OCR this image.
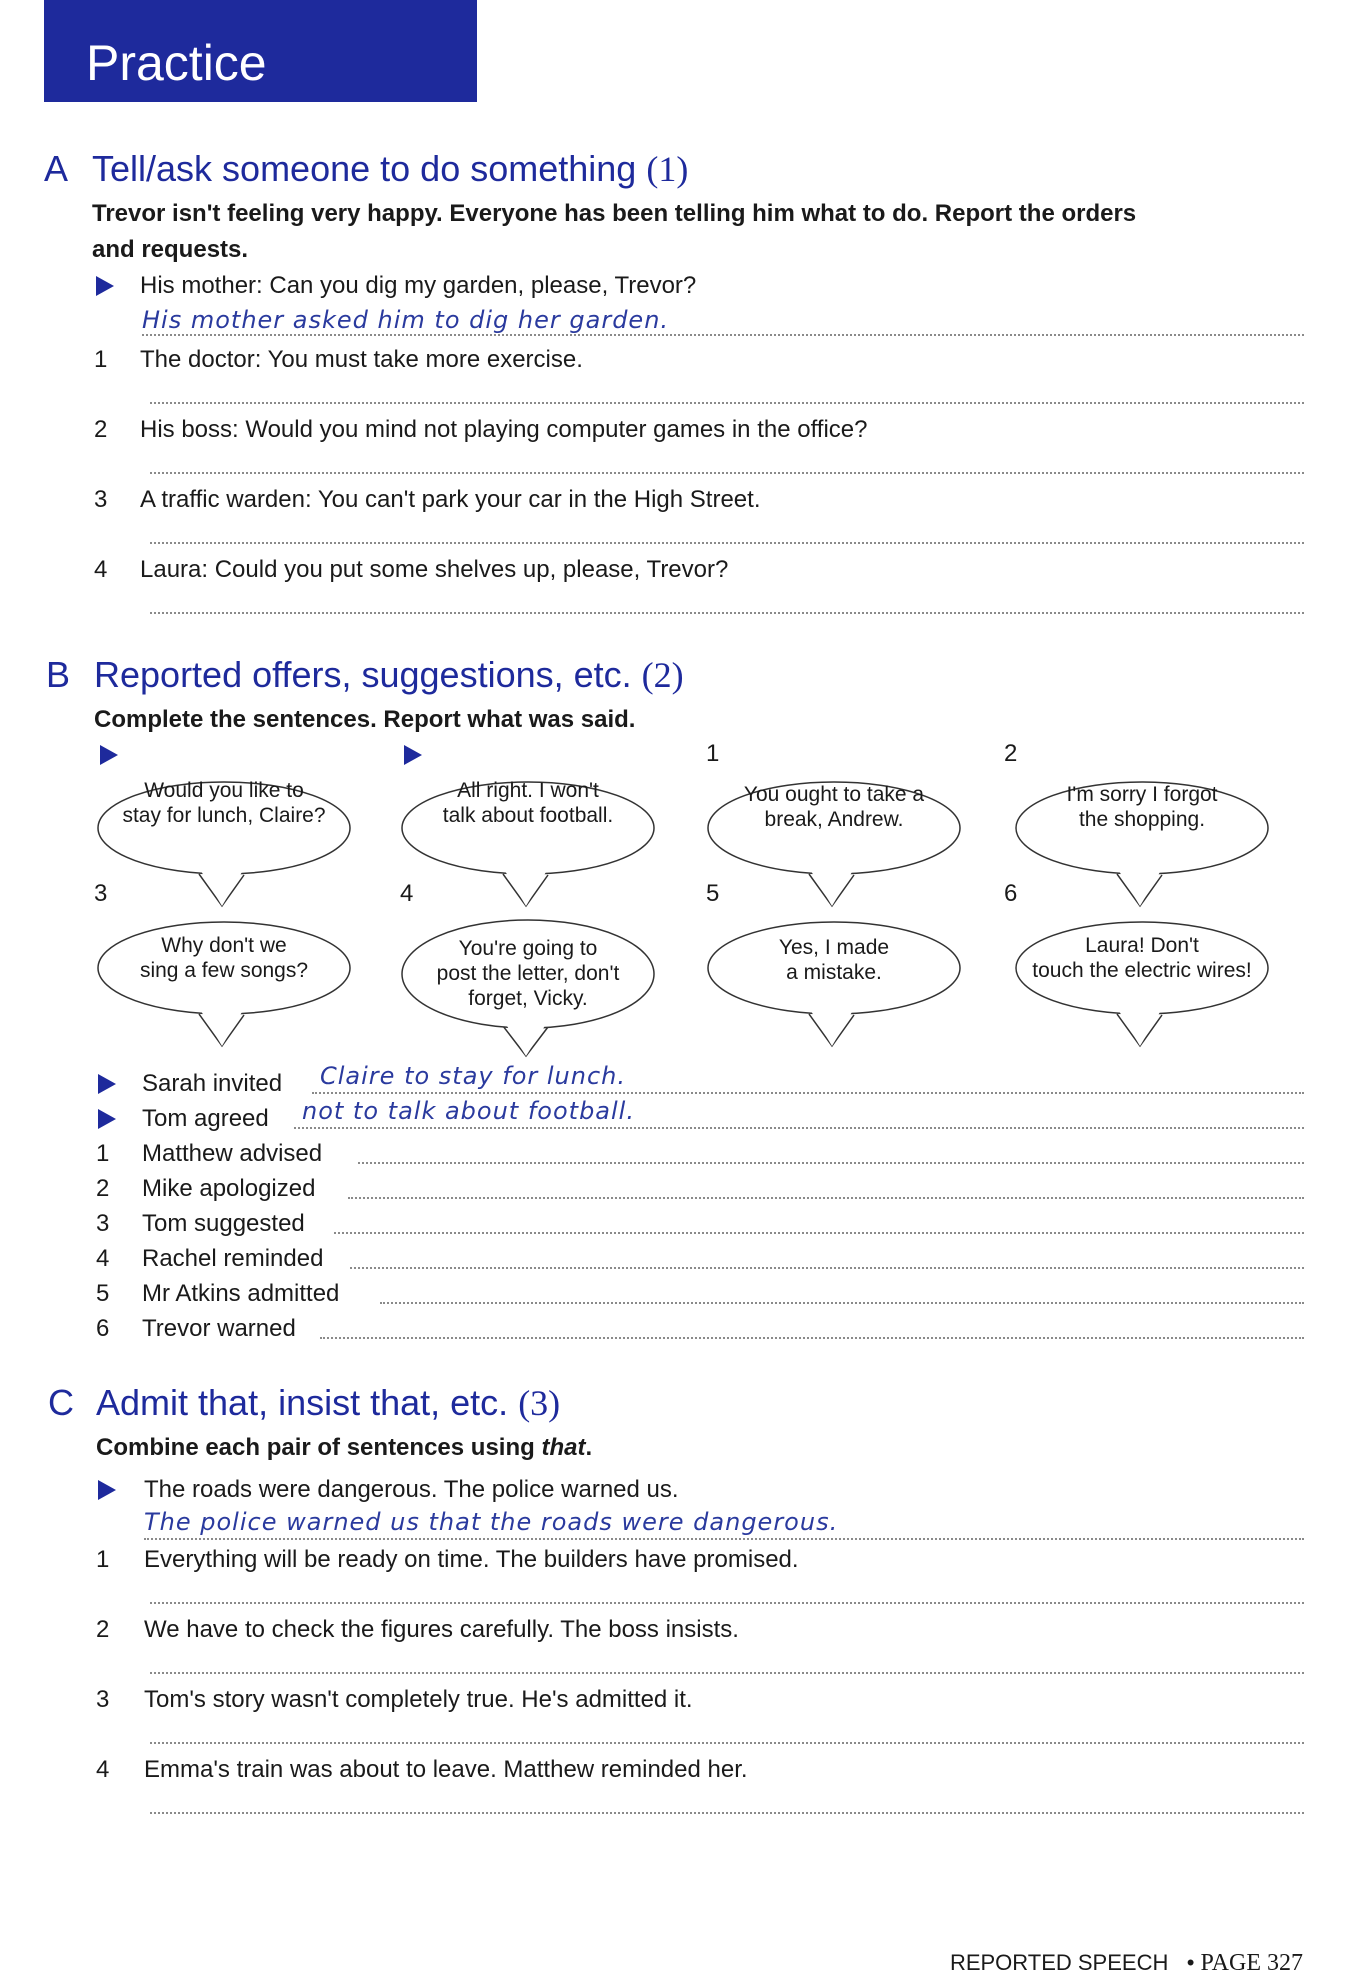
Practice
A Tell/ask someone to do something (1)
Trevor isn't feeling very happy. Everyone has been telling him what to do. Report the orders
and requests.
His mother: Can you dig my garden, please, Trevor?
His mother asked him to dig her garden.
1 The doctor: You must take more exercise.
2 His boss: Would you mind not playing computer games in the office?
3 A traffic warden: You can't park your car in the High Street.
4 Laura: Could you put some shelves up, please, Trevor?
B Reported offers, suggestions, etc. (2)
Complete the sentences. Report what was said.
1	2
Would you like to
stay for lunch, Claire?
All right. I won't
talk about football.
You ought to take a
break, Andrew.
I'm sorry I forgot
the shopping.
3	4	5	6
Why don't we
sing a few songs?
You're going to
post the letter, don't
forget, Vicky.
Yes, I made
a mistake.
Laura! Don't
touch the electric wires!
Sarah invited Claire to stay for lunch.
Tom agreed not to talk about football.
1 Matthew advised
2 Mike apologized
3 Tom suggested
4 Rachel reminded
5 Mr Atkins admitted
6 Trevor warned
C Admit that, insist that, etc. (3)
Combine each pair of sentences using that.
The roads were dangerous. The police warned us.
The police warned us that the roads were dangerous.
1 Everything will be ready on time. The builders have promised.
2 We have to check the figures carefully. The boss insists.
3 Tom's story wasn't completely true. He's admitted it.
4 Emma's train was about to leave. Matthew reminded her.
REPORTED SPEECH • PAGE 327
